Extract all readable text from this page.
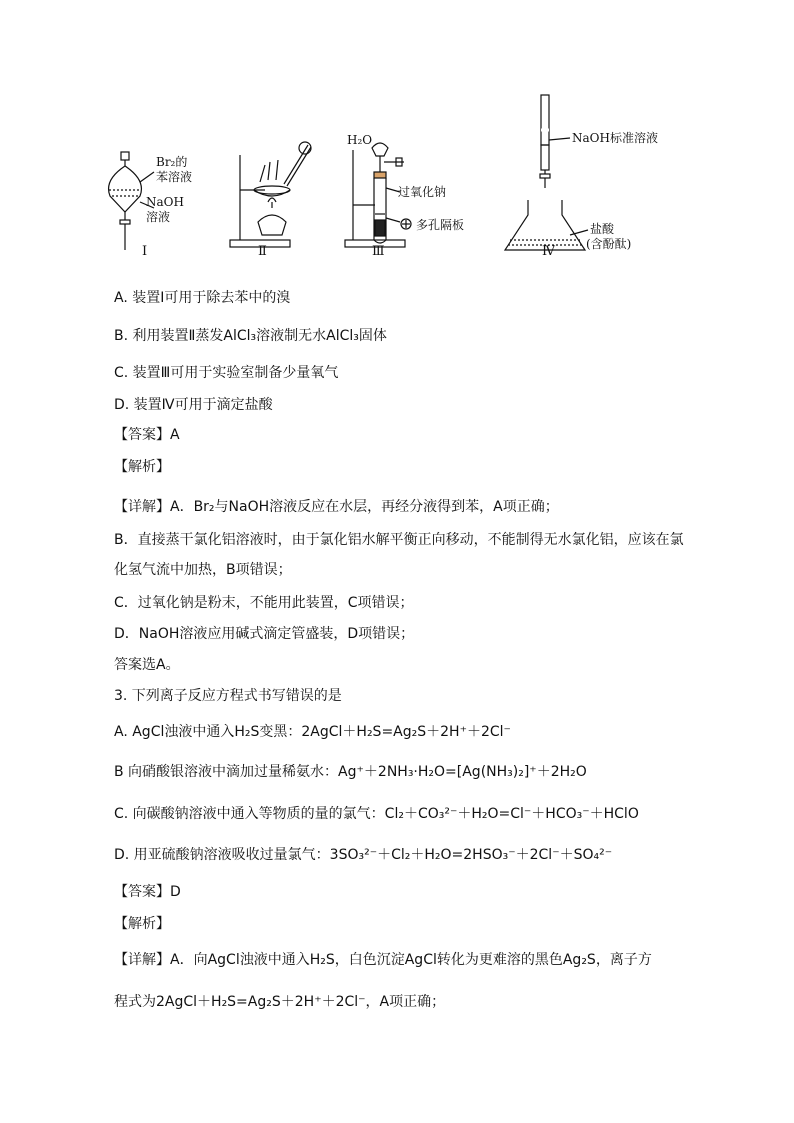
Br₂的
苯溶液
NaOH
溶液
Ⅰ	Ⅱ
H₂O
过氧化钠
多孔隔板
Ⅲ
NaOH标准溶液
盐酸
(含酚酞)
Ⅳ
A. 装置Ⅰ可用于除去苯中的溴
B. 利用装置Ⅱ蒸发AlCl₃溶液制无水AlCl₃固体
C. 装置Ⅲ可用于实验室制备少量氧气
D. 装置Ⅳ可用于滴定盐酸
【答案】A
【解析】
【详解】A．Br₂与NaOH溶液反应在水层，再经分液得到苯，A项正确；
B．直接蒸干氯化铝溶液时，由于氯化铝水解平衡正向移动，不能制得无水氯化铝，应该在氯
化氢气流中加热，B项错误；
C．过氧化钠是粉末，不能用此装置，C项错误；
D．NaOH溶液应用碱式滴定管盛装，D项错误；
答案选A。
3. 下列离子反应方程式书写错误的是
A. AgCl浊液中通入H₂S变黑：2AgCl＋H₂S=Ag₂S＋2H⁺＋2Cl⁻
B 向硝酸银溶液中滴加过量稀氨水：Ag⁺＋2NH₃·H₂O=[Ag(NH₃)₂]⁺＋2H₂O
C. 向碳酸钠溶液中通入等物质的量的氯气：Cl₂＋CO₃²⁻＋H₂O=Cl⁻＋HCO₃⁻＋HClO
D. 用亚硫酸钠溶液吸收过量氯气：3SO₃²⁻＋Cl₂＋H₂O=2HSO₃⁻＋2Cl⁻＋SO₄²⁻
【答案】D
【解析】
【详解】A．向AgCl浊液中通入H₂S，白色沉淀AgCl转化为更难溶的黑色Ag₂S，离子方
程式为2AgCl＋H₂S=Ag₂S＋2H⁺＋2Cl⁻，A项正确；
